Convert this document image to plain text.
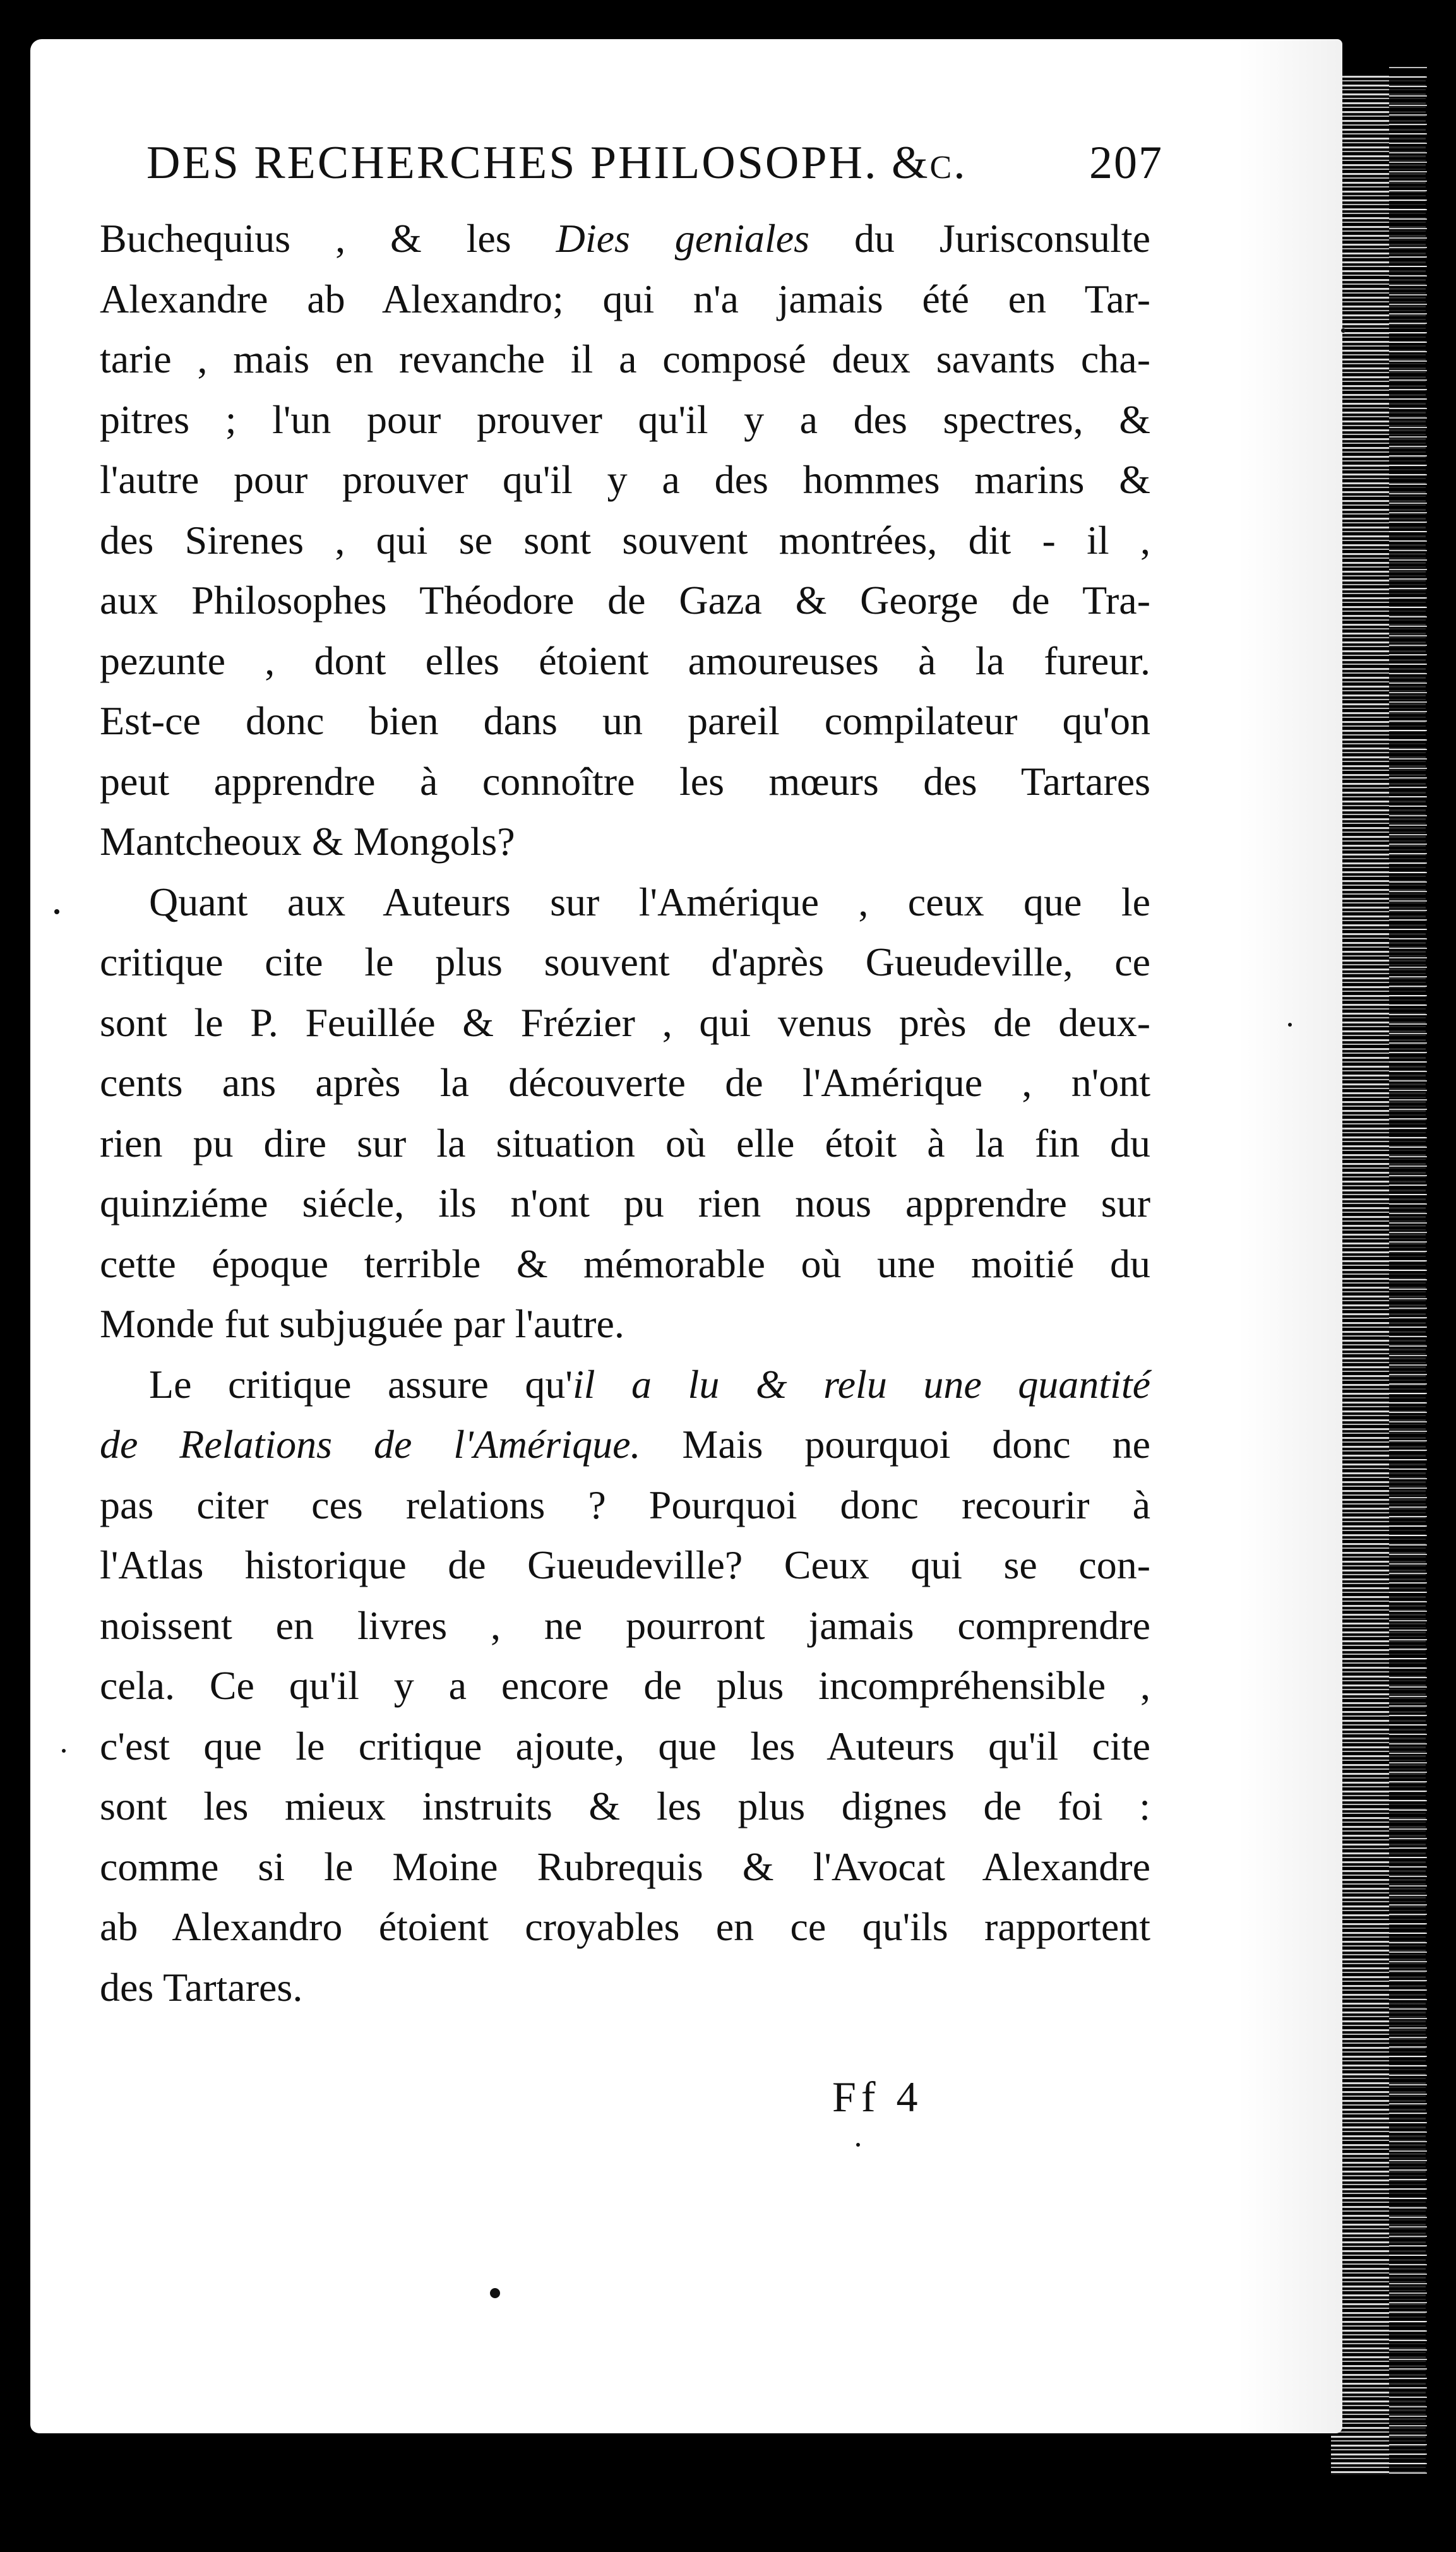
DES RECHERCHES PHILOSOPH. &c.	207
Buchequius , & les Dies geniales du Jurisconsulte
Alexandre ab Alexandro; qui n'a jamais été en Tar-
tarie , mais en revanche il a composé deux savants cha-
pitres ; l'un pour prouver qu'il y a des spectres, &
l'autre pour prouver qu'il y a des hommes marins &
des Sirenes , qui se sont souvent montrées, dit - il ,
aux Philosophes Théodore de Gaza & George de Tra-
pezunte , dont elles étoient amoureuses à la fureur.
Est-ce donc bien dans un pareil compilateur qu'on
peut apprendre à connoître les mœurs des Tartares
Mantcheoux & Mongols?
Quant aux Auteurs sur l'Amérique , ceux que le
critique cite le plus souvent d'après Gueudeville, ce
sont le P. Feuillée & Frézier , qui venus près de deux-
cents ans après la découverte de l'Amérique , n'ont
rien pu dire sur la situation où elle étoit à la fin du
quinziéme siécle, ils n'ont pu rien nous apprendre sur
cette époque terrible & mémorable où une moitié du
Monde fut subjuguée par l'autre.
Le critique assure qu'il a lu & relu une quantité
de Relations de l'Amérique. Mais pourquoi donc ne
pas citer ces relations ? Pourquoi donc recourir à
l'Atlas historique de Gueudeville? Ceux qui se con-
noissent en livres , ne pourront jamais comprendre
cela. Ce qu'il y a encore de plus incompréhensible ,
c'est que le critique ajoute, que les Auteurs qu'il cite
sont les mieux instruits & les plus dignes de foi :
comme si le Moine Rubrequis & l'Avocat Alexandre
ab Alexandro étoient croyables en ce qu'ils rapportent
des Tartares.
Ff 4
